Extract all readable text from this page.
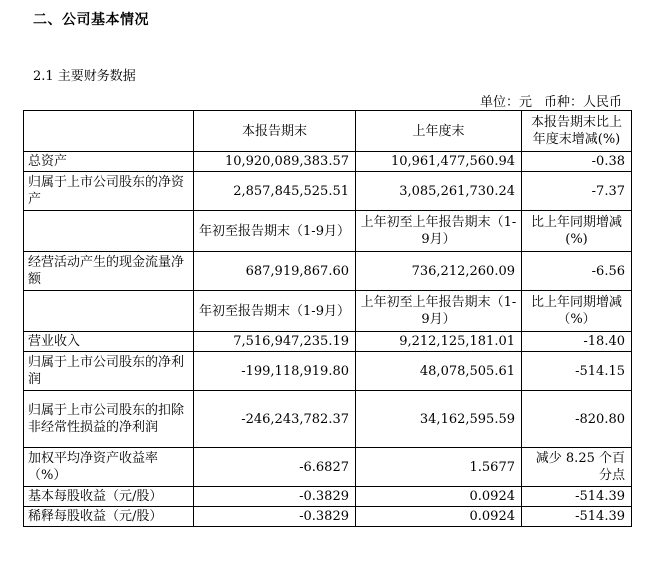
二、公司基本情况
2.1 主要财务数据
单位：元 币种：人民币
	本报告期末	上年度末	本报告期末比上年度末增减(%)
总资产	10,920,089,383.57	10,961,477,560.94	-0.38
归属于上市公司股东的净资产	2,857,845,525.51	3,085,261,730.24	-7.37
	年初至报告期末（1-9月）	上年初至上年报告期末（1-9月）	比上年同期增减(%)
经营活动产生的现金流量净额	687,919,867.60	736,212,260.09	-6.56
	年初至报告期末（1-9月）	上年初至上年报告期末（1-9月）	比上年同期增减（%）
营业收入	7,516,947,235.19	9,212,125,181.01	-18.40
归属于上市公司股东的净利润	-199,118,919.80	48,078,505.61	-514.15
归属于上市公司股东的扣除非经常性损益的净利润	-246,243,782.37	34,162,595.59	-820.80
加权平均净资产收益率（%）	-6.6827	1.5677	减少 8.25 个百分点
基本每股收益（元/股）	-0.3829	0.0924	-514.39
稀释每股收益（元/股）	-0.3829	0.0924	-514.39
